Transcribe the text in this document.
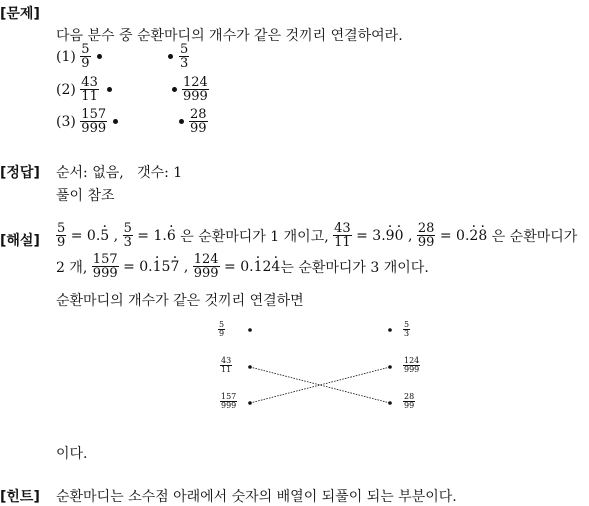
[문제]
다음 분수 중 순환마디의 개수가 같은 것끼리 연결하여라.
(1)
$\frac{5}{9}$
(2)
$\frac{43}{11}$
(3)
$\frac{157}{999}$
$\frac{5}{3}$
$\frac{124}{999}$
$\frac{28}{99}$
[정답] 순서: 없음,   갯수: 1
풀이 참조
[해설] $\frac{5}{9} = 0$. · 5 , $\frac{5}{3} = 1$. · 6
은 순환마디가 1 개이고,
$\frac{43}{11} = 3$. · 9 · 0 , $\frac{28}{99} = 0$. · 2 · 8
은 순환마디가
2 개,
$\frac{157}{999} = 0$. · 1 5 · 7 , $\frac{124}{999} = 0$. · 1 2 · 4 는 순환마디가 3 개이다.
순환마디의 개수가 같은 것끼리 연결하면
$\frac{5}{9}$
$\frac{43}{11}$
$\frac{157}{999}$
$\frac{5}{3}$
$\frac{124}{999}$
$\frac{28}{99}$
이다.
[힌트] 순환마디는 소수점 아래에서 숫자의 배열이 되풀이 되는 부분이다.
